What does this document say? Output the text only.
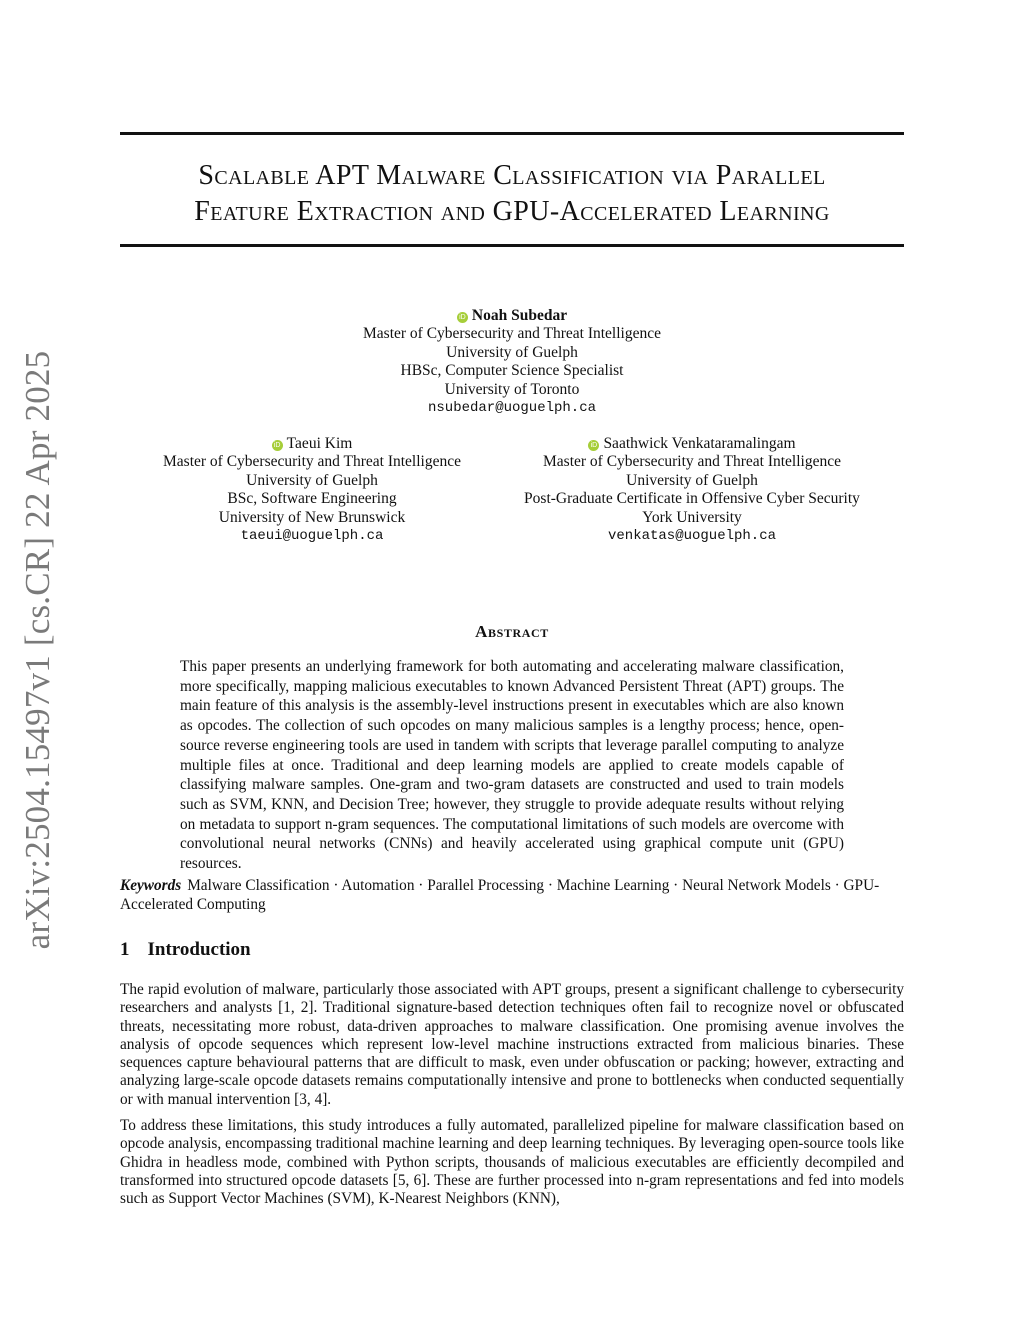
arXiv:2504.15497v1 [cs.CR] 22 Apr 2025
Scalable APT Malware Classification via Parallel
Feature Extraction and GPU-Accelerated Learning
iD Noah Subedar
Master of Cybersecurity and Threat Intelligence
University of Guelph
HBSc, Computer Science Specialist
University of Toronto
nsubedar@uoguelph.ca
iD Taeui Kim
Master of Cybersecurity and Threat Intelligence
University of Guelph
BSc, Software Engineering
University of New Brunswick
taeui@uoguelph.ca
iD Saathwick Venkataramalingam
Master of Cybersecurity and Threat Intelligence
University of Guelph
Post-Graduate Certificate in Offensive Cyber Security
York University
venkatas@uoguelph.ca
Abstract

This paper presents an underlying framework for both automating and accelerating malware classification, more specifically, mapping malicious executables to known Advanced Persistent Threat (APT) groups. The main feature of this analysis is the assembly-level instructions present in executables which are also known as opcodes. The collection of such opcodes on many malicious samples is a lengthy process; hence, open-source reverse engineering tools are used in tandem with scripts that leverage parallel computing to analyze multiple files at once. Traditional and deep learning models are applied to create models capable of classifying malware samples. One-gram and two-gram datasets are constructed and used to train models such as SVM, KNN, and Decision Tree; however, they struggle to provide adequate results without relying on metadata to support n-gram sequences. The computational limitations of such models are overcome with convolutional neural networks (CNNs) and heavily accelerated using graphical compute unit (GPU) resources.

Keywords Malware Classification · Automation · Parallel Processing · Machine Learning · Neural Network Models · GPU-Accelerated Computing
1 Introduction

The rapid evolution of malware, particularly those associated with APT groups, present a significant challenge to cybersecurity researchers and analysts [1, 2]. Traditional signature-based detection techniques often fail to recognize novel or obfuscated threats, necessitating more robust, data-driven approaches to malware classification. One promising avenue involves the analysis of opcode sequences which represent low-level machine instructions extracted from malicious binaries. These sequences capture behavioural patterns that are difficult to mask, even under obfuscation or packing; however, extracting and analyzing large-scale opcode datasets remains computationally intensive and prone to bottlenecks when conducted sequentially or with manual intervention [3, 4].

To address these limitations, this study introduces a fully automated, parallelized pipeline for malware classification based on opcode analysis, encompassing traditional machine learning and deep learning techniques. By leveraging open-source tools like Ghidra in headless mode, combined with Python scripts, thousands of malicious executables are efficiently decompiled and transformed into structured opcode datasets [5, 6]. These are further processed into n-gram representations and fed into models such as Support Vector Machines (SVM), K-Nearest Neighbors (KNN),
